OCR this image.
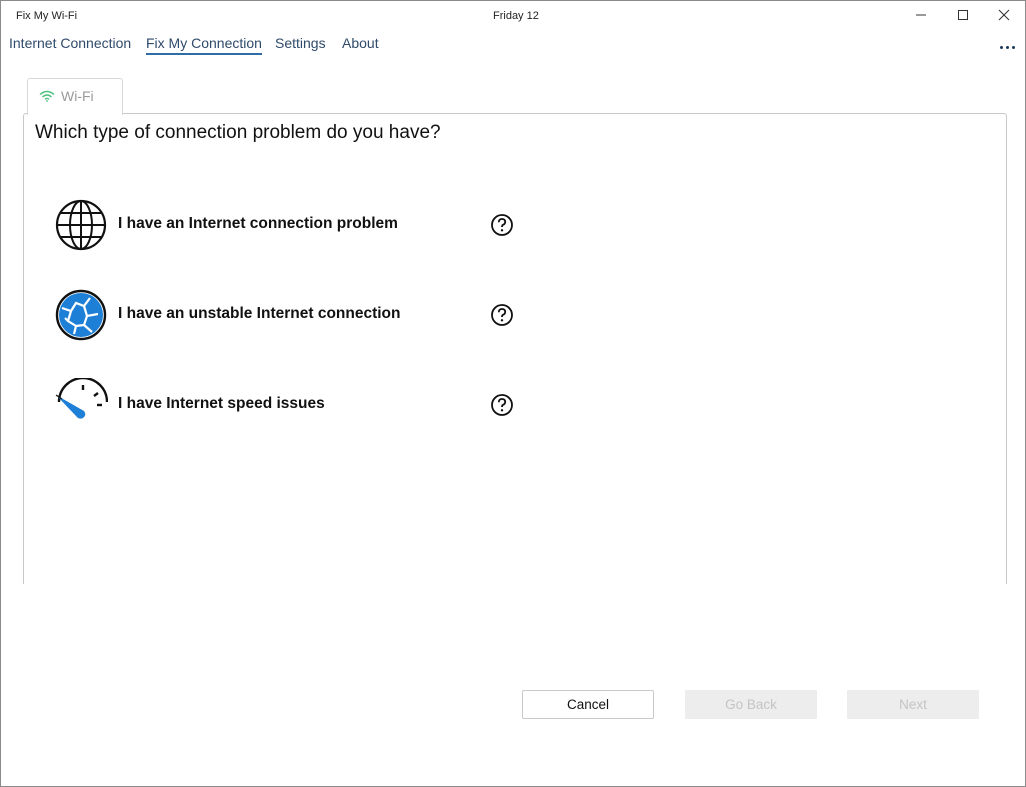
Fix My Wi-Fi	Friday 12
Internet Connection Fix My Connection Settings About
Wi-Fi
Which type of connection problem do you have?
I have an Internet connection problem
I have an unstable Internet connection
I have Internet speed issues
Cancel	Go Back	Next
